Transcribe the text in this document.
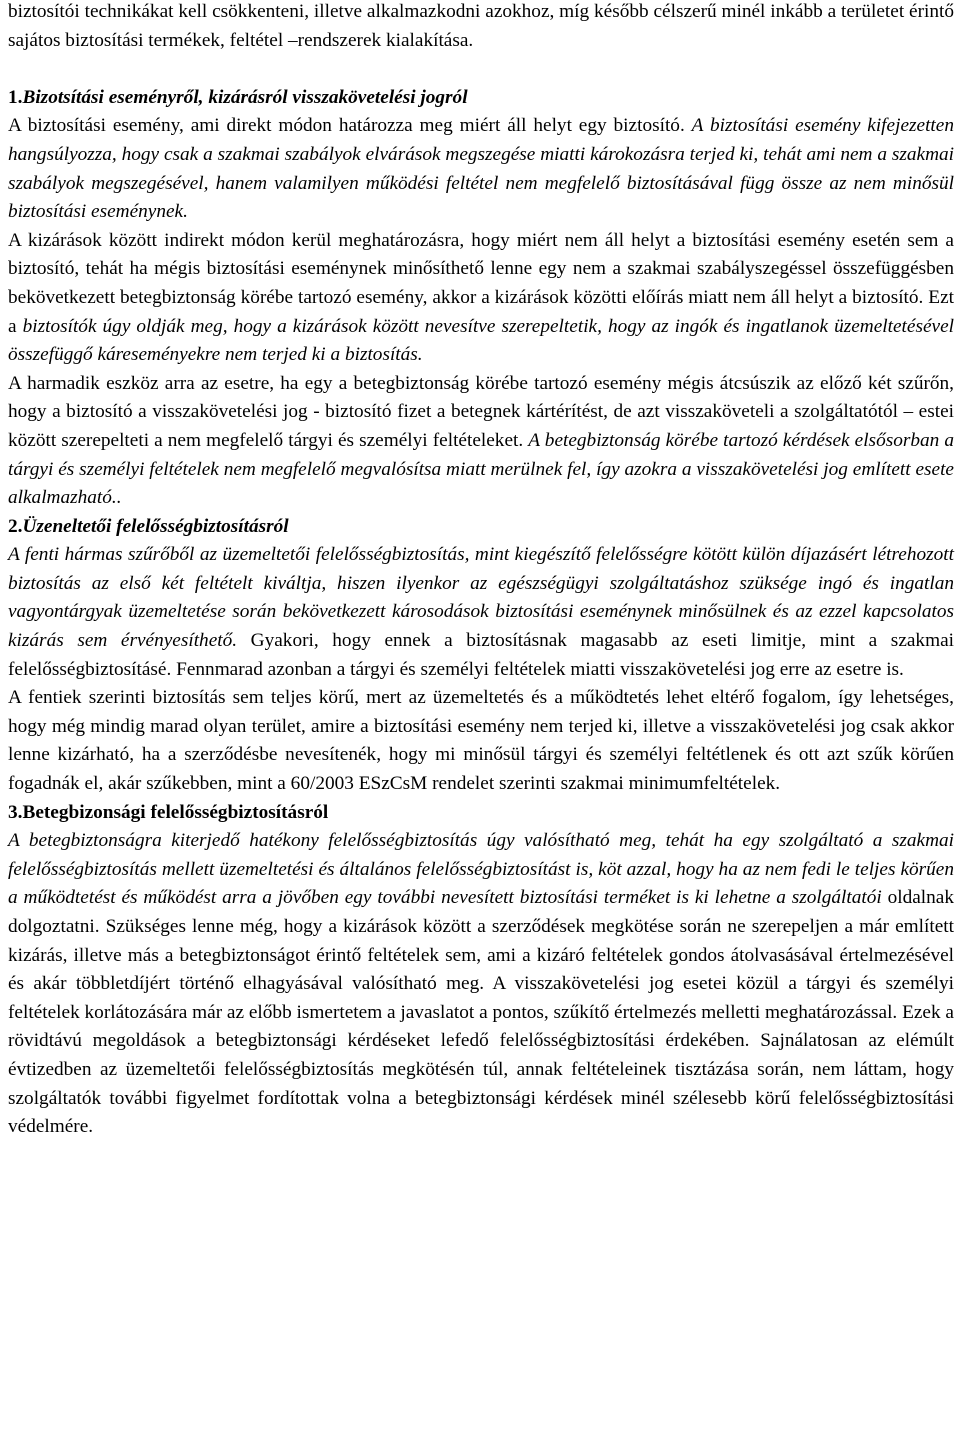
biztosítói technikákat kell csökkenteni, illetve alkalmazkodni azokhoz, míg később célszerű minél inkább a területet érintő sajátos biztosítási termékek, feltétel –rendszerek kialakítása.

1.Bizotsítási eseményről, kizárásról visszakövetelési jogról

A biztosítási esemény, ami direkt módon határozza meg miért áll helyt egy biztosító. A biztosítási esemény kifejezetten hangsúlyozza, hogy csak a szakmai szabályok elvárások megszegése miatti károkozásra terjed ki, tehát ami nem a szakmai szabályok megszegésével, hanem valamilyen működési feltétel nem megfelelő biztosításával függ össze az nem minősül biztosítási eseménynek.

A kizárások között indirekt módon kerül meghatározásra, hogy miért nem áll helyt a biztosítási esemény esetén sem a biztosító, tehát ha mégis biztosítási eseménynek minősíthető lenne egy nem a szakmai szabályszegéssel összefüggésben bekövetkezett betegbiztonság körébe tartozó esemény, akkor a kizárások közötti előírás miatt nem áll helyt a biztosító. Ezt a biztosítók úgy oldják meg, hogy a kizárások között nevesítve szerepeltetik, hogy az ingók és ingatlanok üzemeltetésével összefüggő káreseményekre nem terjed ki a biztosítás.

A harmadik eszköz arra az esetre, ha egy a betegbiztonság körébe tartozó esemény mégis átcsúszik az előző két szűrőn, hogy a biztosító a visszakövetelési jog - biztosító fizet a betegnek kártérítést, de azt visszaköveteli a szolgáltatótól – estei között szerepelteti a nem megfelelő tárgyi és személyi feltételeket. A betegbiztonság körébe tartozó kérdések elsősorban a tárgyi és személyi feltételek nem megfelelő megvalósítsa miatt merülnek fel, így azokra a visszakövetelési jog említett esete alkalmazható..

2.Üzeneltetői felelősségbiztosításról

A fenti hármas szűrőből az üzemeltetői felelősségbiztosítás, mint kiegészítő felelősségre kötött külön díjazásért létrehozott biztosítás az első két feltételt kiváltja, hiszen ilyenkor az egészségügyi szolgáltatáshoz szüksége ingó és ingatlan vagyontárgyak üzemeltetése során bekövetkezett károsodások biztosítási eseménynek minősülnek és az ezzel kapcsolatos kizárás sem érvényesíthető. Gyakori, hogy ennek a biztosításnak magasabb az eseti limitje, mint a szakmai felelősségbiztosításé. Fennmarad azonban a tárgyi és személyi feltételek miatti visszakövetelési jog erre az esetre is.

A fentiek szerinti biztosítás sem teljes körű, mert az üzemeltetés és a működtetés lehet eltérő fogalom, így lehetséges, hogy még mindig marad olyan terület, amire a biztosítási esemény nem terjed ki, illetve a visszakövetelési jog csak akkor lenne kizárható, ha a szerződésbe nevesítenék, hogy mi minősül tárgyi és személyi feltétlenek és ott azt szűk körűen fogadnák el, akár szűkebben, mint a 60/2003 ESzCsM rendelet szerinti szakmai minimumfeltételek.

3.Betegbizonsági felelősségbiztosításról

A betegbiztonságra kiterjedő hatékony felelősségbiztosítás úgy valósítható meg, tehát ha egy szolgáltató a szakmai felelősségbiztosítás mellett üzemeltetési és általános felelősségbiztosítást is, köt azzal, hogy ha az nem fedi le teljes körűen a működtetést és működést arra a jövőben egy további nevesített biztosítási terméket is ki lehetne a szolgáltatói oldalnak dolgoztatni. Szükséges lenne még, hogy a kizárások között a szerződések megkötése során ne szerepeljen a már említett kizárás, illetve más a betegbiztonságot érintő feltételek sem, ami a kizáró feltételek gondos átolvasásával értelmezésével és akár többletdíjért történő elhagyásával valósítható meg. A visszakövetelési jog esetei közül a tárgyi és személyi feltételek korlátozására már az előbb ismertetem a javaslatot a pontos, szűkítő értelmezés melletti meghatározással. Ezek a rövidtávú megoldások a betegbiztonsági kérdéseket lefedő felelősségbiztosítási érdekében. Sajnálatosan az elémúlt évtizedben az üzemeltetői felelősségbiztosítás megkötésén túl, annak feltételeinek tisztázása során, nem láttam, hogy szolgáltatók további figyelmet fordítottak volna a betegbiztonsági kérdések minél szélesebb körű felelősségbiztosítási védelmére.
